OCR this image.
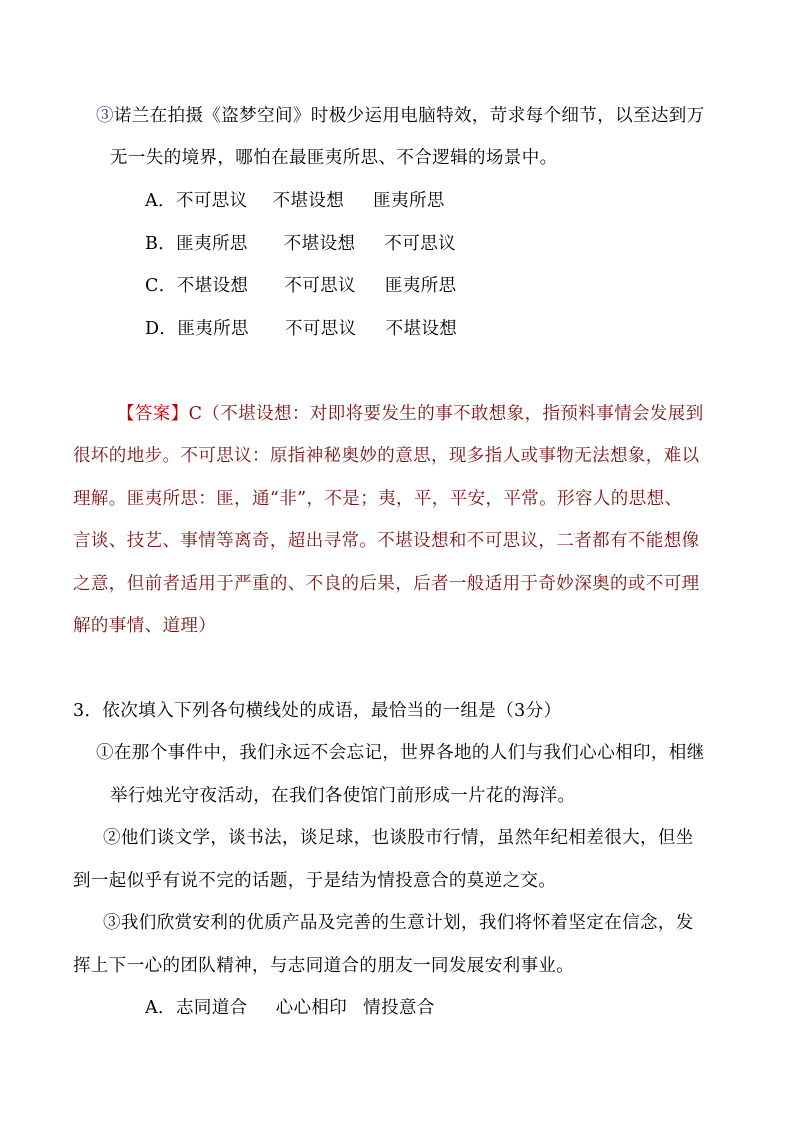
③诺兰在拍摄《盗梦空间》时极少运用电脑特效，苛求每个细节，以至达到万
无一失的境界，哪怕在最匪夷所思、不合逻辑的场景中。
A．不可思议 不堪设想 匪夷所思
B．匪夷所思 不堪设想 不可思议
C．不堪设想 不可思议 匪夷所思
D．匪夷所思 不可思议 不堪设想
【答案】C（不堪设想：对即将要发生的事不敢想象，指预料事情会发展到
很坏的地步。不可思议：原指神秘奥妙的意思，现多指人或事物无法想象，难以
理解。匪夷所思：匪，通“非”，不是；夷，平，平安，平常。形容人的思想、
言谈、技艺、事情等离奇，超出寻常。不堪设想和不可思议，二者都有不能想像
之意，但前者适用于严重的、不良的后果，后者一般适用于奇妙深奥的或不可理
解的事情、道理）
3．依次填入下列各句横线处的成语，最恰当的一组是（3分）
①在那个事件中，我们永远不会忘记，世界各地的人们与我们心心相印，相继
举行烛光守夜活动，在我们各使馆门前形成一片花的海洋。
②他们谈文学，谈书法，谈足球，也谈股市行情，虽然年纪相差很大，但坐
到一起似乎有说不完的话题，于是结为情投意合的莫逆之交。
③我们欣赏安利的优质产品及完善的生意计划，我们将怀着坚定在信念，发
挥上下一心的团队精神，与志同道合的朋友一同发展安利事业。
A．志同道合 心心相印 情投意合
